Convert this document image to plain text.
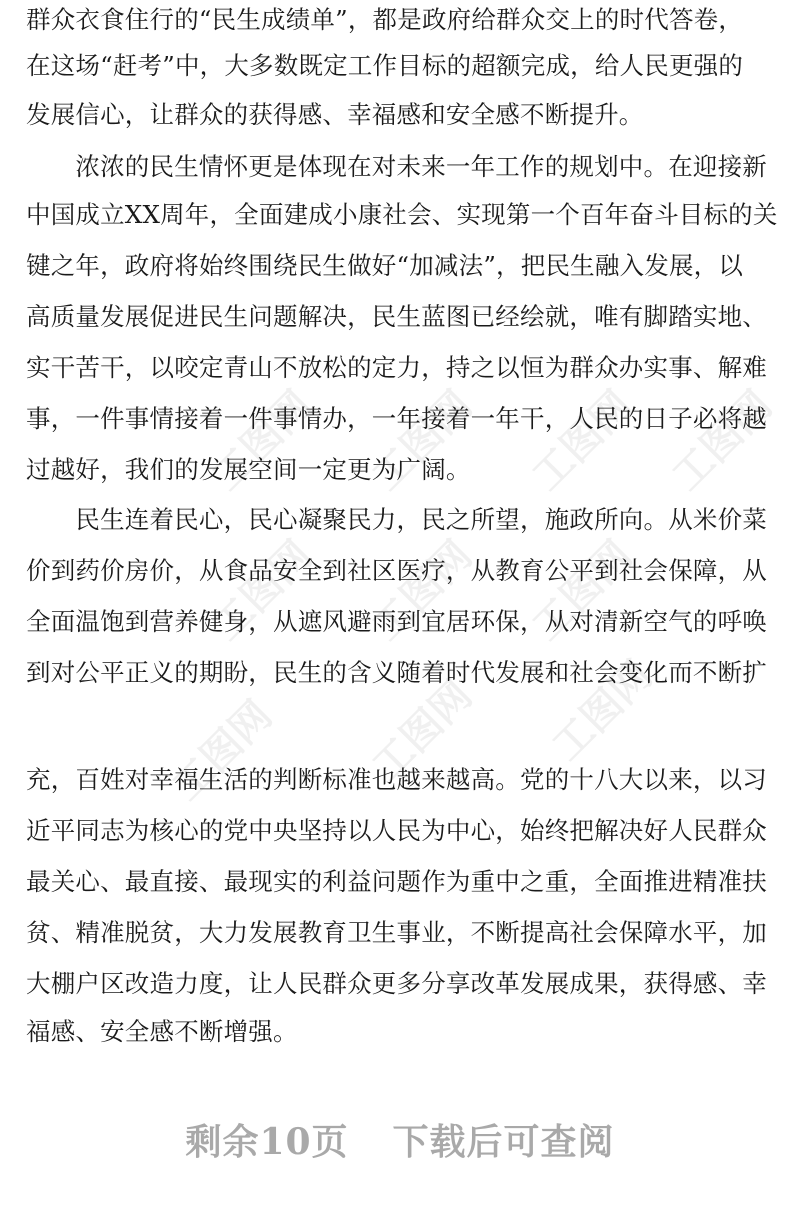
群众衣食住行的“民生成绩单”，都是政府给群众交上的时代答卷，
在这场“赶考”中，大多数既定工作目标的超额完成，给人民更强的
发展信心，让群众的获得感、幸福感和安全感不断提升。
　　浓浓的民生情怀更是体现在对未来一年工作的规划中。在迎接新
中国成立XX周年，全面建成小康社会、实现第一个百年奋斗目标的关
键之年，政府将始终围绕民生做好“加减法”，把民生融入发展，以
高质量发展促进民生问题解决，民生蓝图已经绘就，唯有脚踏实地、
实干苦干，以咬定青山不放松的定力，持之以恒为群众办实事、解难
事，一件事情接着一件事情办，一年接着一年干，人民的日子必将越
过越好，我们的发展空间一定更为广阔。
　　民生连着民心，民心凝聚民力，民之所望，施政所向。从米价菜
价到药价房价，从食品安全到社区医疗，从教育公平到社会保障，从
全面温饱到营养健身，从遮风避雨到宜居环保，从对清新空气的呼唤
到对公平正义的期盼，民生的含义随着时代发展和社会变化而不断扩
充，百姓对幸福生活的判断标准也越来越高。党的十八大以来，以习
近平同志为核心的党中央坚持以人民为中心，始终把解决好人民群众
最关心、最直接、最现实的利益问题作为重中之重，全面推进精准扶
贫、精准脱贫，大力发展教育卫生事业，不断提高社会保障水平，加
大棚户区改造力度，让人民群众更多分享改革发展成果，获得感、幸
福感、安全感不断增强。
工图网 工图网 工图网 工图网
工图网 工图网 工图网
工图网 工图网 工图网
剩余10页 下载后可查阅
